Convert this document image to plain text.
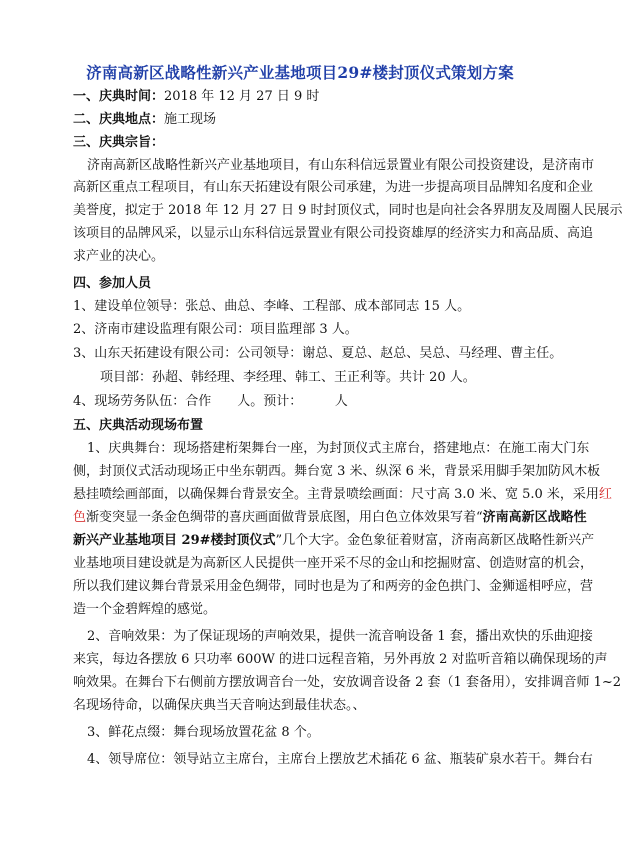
济南高新区战略性新兴产业基地项目29#楼封顶仪式策划方案
一、庆典时间：2018 年 12 月 27 日 9 时
二、庆典地点：施工现场
三、庆典宗旨：
济南高新区战略性新兴产业基地项目，有山东科信远景置业有限公司投资建设，是济南市
高新区重点工程项目，有山东天拓建设有限公司承建，为进一步提高项目品牌知名度和企业
美誉度，拟定于 2018 年 12 月 27 日 9 时封顶仪式，同时也是向社会各界朋友及周圈人民展示
该项目的品牌风采，以显示山东科信远景置业有限公司投资雄厚的经济实力和高品质、高追
求产业的决心。
四、参加人员
1、建设单位领导：张总、曲总、李峰、工程部、成本部同志 15 人。
2、济南市建设监理有限公司：项目监理部 3 人。
3、山东天拓建设有限公司：公司领导：谢总、夏总、赵总、吴总、马经理、曹主任。
项目部：孙超、韩经理、李经理、韩工、王正利等。共计 20 人。
4、现场劳务队伍：合作　　人。预计：　　　人
五、庆典活动现场布置
1、庆典舞台：现场搭建桁架舞台一座，为封顶仪式主席台，搭建地点：在施工南大门东
侧，封顶仪式活动现场正中坐东朝西。舞台宽 3 米、纵深 6 米，背景采用脚手架加防风木板
悬挂喷绘画部面，以确保舞台背景安全。主背景喷绘画面：尺寸高 3.0 米、宽 5.0 米，采用红
色渐变突显一条金色绸带的喜庆画面做背景底图，用白色立体效果写着“济南高新区战略性
新兴产业基地项目 29#楼封顶仪式”几个大字。金色象征着财富，济南高新区战略性新兴产
业基地项目建设就是为高新区人民提供一座开采不尽的金山和挖掘财富、创造财富的机会，
所以我们建议舞台背景采用金色绸带，同时也是为了和两旁的金色拱门、金狮遥相呼应，营
造一个金碧辉煌的感觉。
2、音响效果：为了保证现场的声响效果，提供一流音响设备 1 套，播出欢快的乐曲迎接
来宾，每边各摆放 6 只功率 600W 的进口远程音箱，另外再放 2 对监听音箱以确保现场的声
响效果。在舞台下右侧前方摆放调音台一处，安放调音设备 2 套（1 套备用），安排调音师 1~2
名现场待命，以确保庆典当天音响达到最佳状态。、
3、鲜花点缀：舞台现场放置花盆 8 个。
4、领导席位：领导站立主席台，主席台上摆放艺术插花 6 盆、瓶装矿泉水若干。舞台右
